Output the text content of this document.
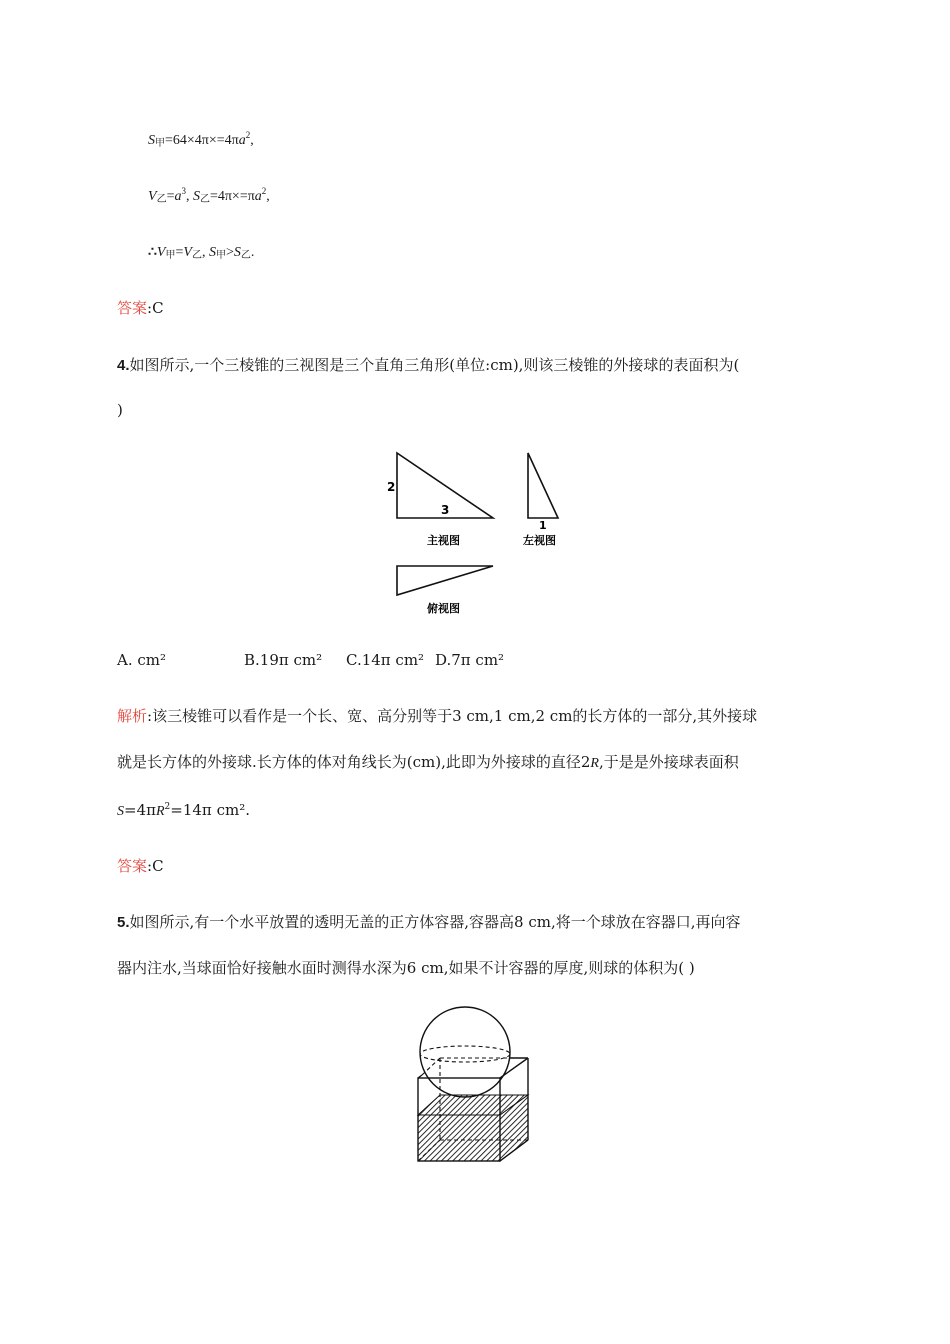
S甲$=64\times 4\pi\times=4\pi a^2$,
V乙$=a^3$, S乙$=4\pi\times=\pi a^2$,
∴V甲=V乙, S甲>S乙.
答案:C
4.如图所示,一个三棱锥的三视图是三个直角三角形(单位:cm),则该三棱锥的外接球的表面积为(
)
2
3
主视图
1
左视图
俯视图
A. cm²	B.19π cm² C.14π cm² D.7π cm²
解析:该三棱锥可以看作是一个长、宽、高分别等于3 cm,1 cm,2 cm的长方体的一部分,其外接球
就是长方体的外接球.长方体的体对角线长为(cm),此即为外接球的直径2R,于是是外接球表面积
$S=4\pi R^2=14\pi$ cm².
答案:C
5.如图所示,有一个水平放置的透明无盖的正方体容器,容器高8 cm,将一个球放在容器口,再向容
器内注水,当球面恰好接触水面时测得水深为6 cm,如果不计容器的厚度,则球的体积为( )
